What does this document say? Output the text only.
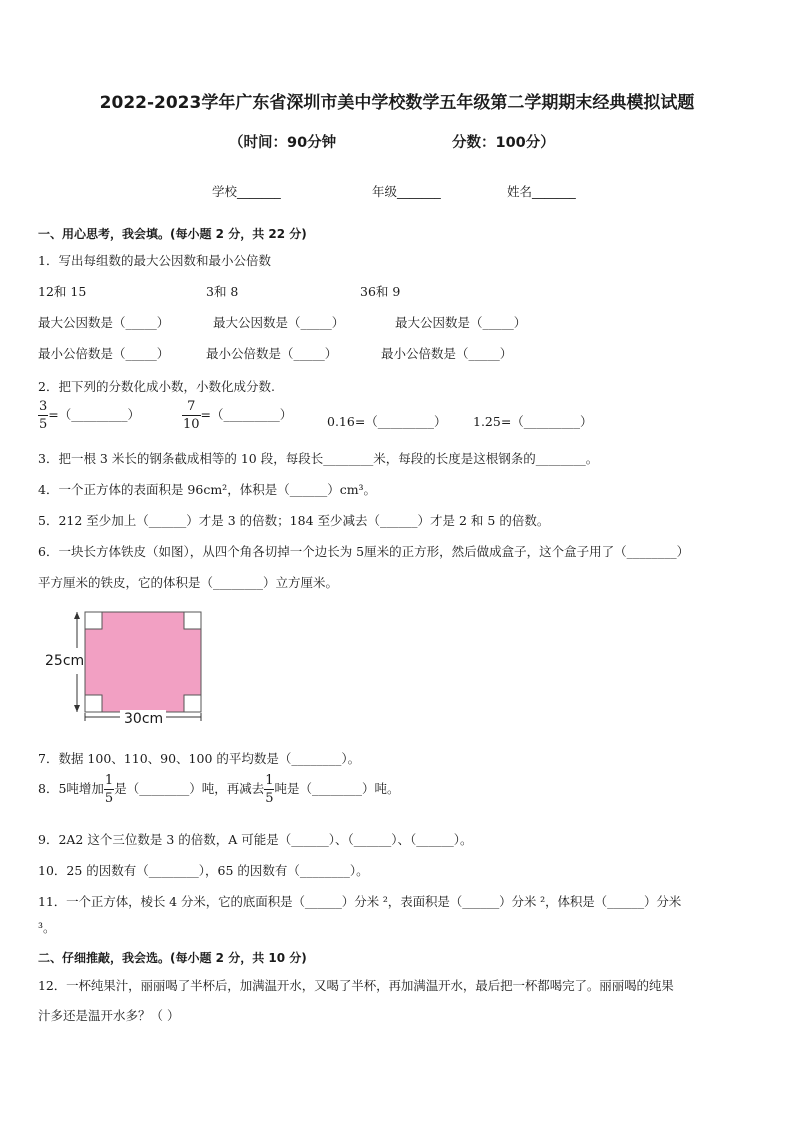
2022-2023学年广东省深圳市美中学校数学五年级第二学期期末经典模拟试题
（时间：90分钟	分数：100分）
学校_______	年级_______	姓名_______
一、用心思考，我会填。(每小题 2 分，共 22 分)
1．写出每组数的最大公因数和最小公倍数
12和 15	3和 8	36和 9
最大公因数是（_____）	最大公因数是（_____）	最大公因数是（_____）
最小公倍数是（_____）	最小公倍数是（_____）	最小公倍数是（_____）
2．把下列的分数化成小数，小数化成分数.
$\frac{3}{5}$ =（_________）	$\frac{7}{10}$ =（_________）	0.16=（_________） 1.25=（_________）
3．把一根 3 米长的钢条截成相等的 10 段，每段长________米，每段的长度是这根钢条的________。
4．一个正方体的表面积是 96cm²，体积是（______）cm³。
5．212 至少加上（______）才是 3 的倍数；184 至少减去（______）才是 2 和 5 的倍数。
6．一块长方体铁皮（如图），从四个角各切掉一个边长为 5厘米的正方形，然后做成盒子，这个盒子用了（________）
平方厘米的铁皮，它的体积是（________）立方厘米。
25cm
30cm
7．数据 100、110、90、100 的平均数是（________）。
8．5吨增加 $\frac{1}{5}$ 是（________）吨，再减去 $\frac{1}{5}$ 吨是（________）吨。
9．2A2 这个三位数是 3 的倍数，A 可能是（______）、（______）、（______）。
10．25 的因数有（________），65 的因数有（________）。
11．一个正方体，棱长 4 分米，它的底面积是（______）分米 ²，表面积是（______）分米 ²，体积是（______）分米
³。
二、仔细推敲，我会选。(每小题 2 分，共 10 分)
12．一杯纯果汁，丽丽喝了半杯后，加满温开水，又喝了半杯，再加满温开水，最后把一杯都喝完了。丽丽喝的纯果
汁多还是温开水多？（ ）
